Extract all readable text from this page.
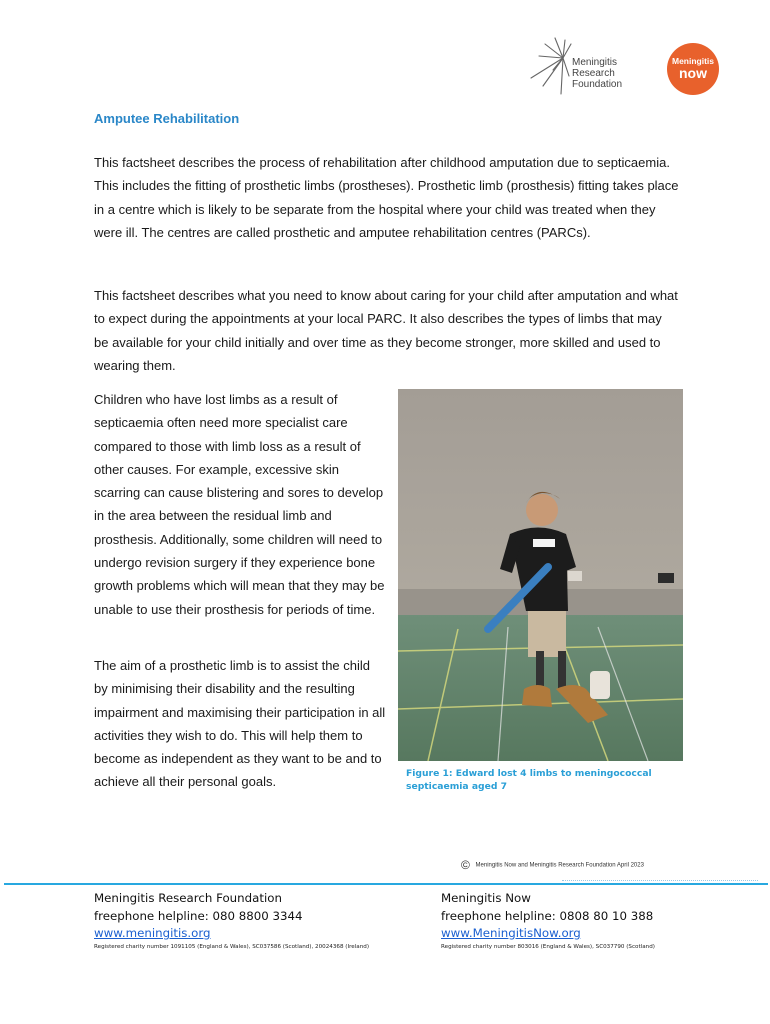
Meningitis
Research
Foundation
Meningitis
now
Amputee Rehabilitation
This factsheet describes the process of rehabilitation after childhood amputation due to septicaemia. This includes the fitting of prosthetic limbs (prostheses). Prosthetic limb (prosthesis) fitting takes place in a centre which is likely to be separate from the hospital where your child was treated when they were ill. The centres are called prosthetic and amputee rehabilitation centres (PARCs).
This factsheet describes what you need to know about caring for your child after amputation and what to expect during the appointments at your local PARC. It also describes the types of limbs that may be available for your child initially and over time as they become stronger, more skilled and used to wearing them.
Children who have lost limbs as a result of septicaemia often need more specialist care compared to those with limb loss as a result of other causes. For example, excessive skin scarring can cause blistering and sores to develop in the area between the residual limb and prosthesis. Additionally, some children will need to undergo revision surgery if they experience bone growth problems which will mean that they may be unable to use their prosthesis for periods of time.
The aim of a prosthetic limb is to assist the child by minimising their disability and the resulting impairment and maximising their participation in all activities they wish to do. This will help them to become as independent as they want to be and to achieve all their personal goals.
Figure 1: Edward lost 4 limbs to meningococcal septicaemia aged 7
© Meningitis Now and Meningitis Research Foundation April 2023
Meningitis Research Foundation
freephone helpline: 080 8800 3344
www.meningitis.org
Registered charity number 1091105 (England & Wales), SC037586 (Scotland), 20024368 (Ireland)
Meningitis Now
freephone helpline: 0808 80 10 388
www.MeningitisNow.org
Registered charity number 803016 (England & Wales), SC037790 (Scotland)
